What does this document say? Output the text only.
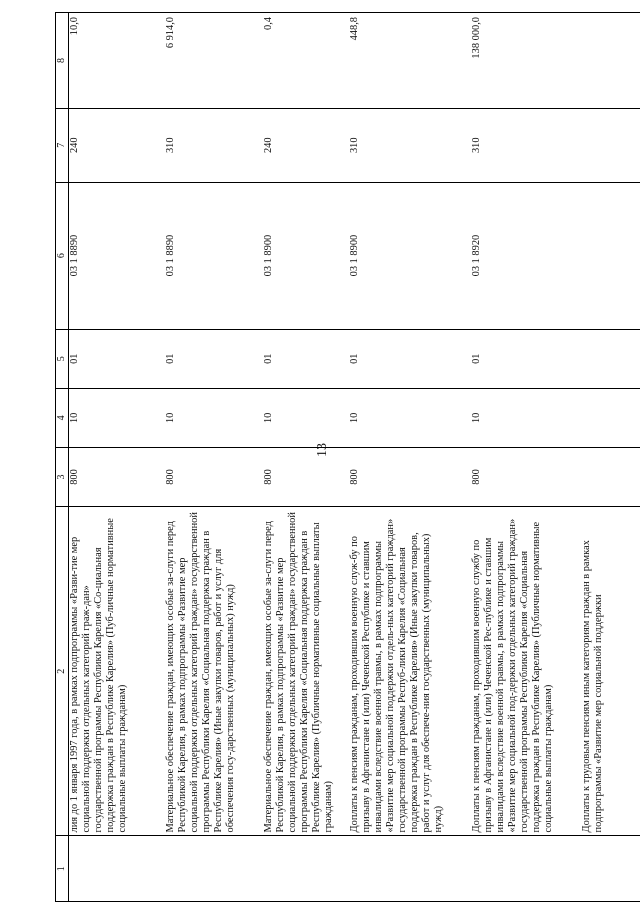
13
1	2	3	4	5	6	7	8
	лия до 1 января 1997 года, в рамках подпрограммы «Разви-тие мер социальной поддержки отдельных категорий граж-дан» государственной программы Республики Карелия «Со-циальная поддержка граждан в Республике Карелия» (Пуб-личные нормативные социальные выплаты гражданам)	800	10	01	03 1 8890	240	10,0
	Материальное обеспечение граждан, имеющих особые за-слуги перед Республикой Карелия, в рамках подпрограммы «Развитие мер социальной поддержки отдельных категорий граждан» государственной программы Республики Карелия «Социальная поддержка граждан в Республике Карелия» (Иные закупки товаров, работ и услуг для обеспечения госу-дарственных (муниципальных) нужд)	800	10	01	03 1 8890	310	6 914,0
	Материальное обеспечение граждан, имеющих особые за-слуги перед Республикой Карелия, в рамках подпрограммы «Развитие мер социальной поддержки отдельных категорий граждан» государственной программы Республики Карелия «Социальная поддержка граждан в Республике Карелия» (Публичные нормативные социальные выплаты гражданам)	800	10	01	03 1 8900	240	0,4
	Доплаты к пенсиям гражданам, проходившим военную служ-бу по призыву в Афганистане и (или) Чеченской Республике и ставшим инвалидами вследствие военной травмы, в рамках подпрограммы «Развитие мер социальной поддержки отдель-ных категорий граждан» государственной программы Респуб-лики Карелия «Социальная поддержка граждан в Республике Карелия» (Иные закупки товаров, работ и услуг для обеспече-ния государственных (муниципальных) нужд)	800	10	01	03 1 8900	310	448,8
	Доплаты к пенсиям гражданам, проходившим военную службу по призыву в Афганистане и (или) Чеченской Рес-публике и ставшим инвалидами вследствие военной травмы, в рамках подпрограммы «Развитие мер социальной под-держки отдельных категорий граждан» государственной программы Республики Карелия «Социальная поддержка граждан в Республике Карелия» (Публичные нормативные социальные выплаты гражданам)	800	10	01	03 1 8920	310	138 000,0
	Доплаты к трудовым пенсиям иным категориям граждан в рамках подпрограммы «Развитие мер социальной поддержки						
